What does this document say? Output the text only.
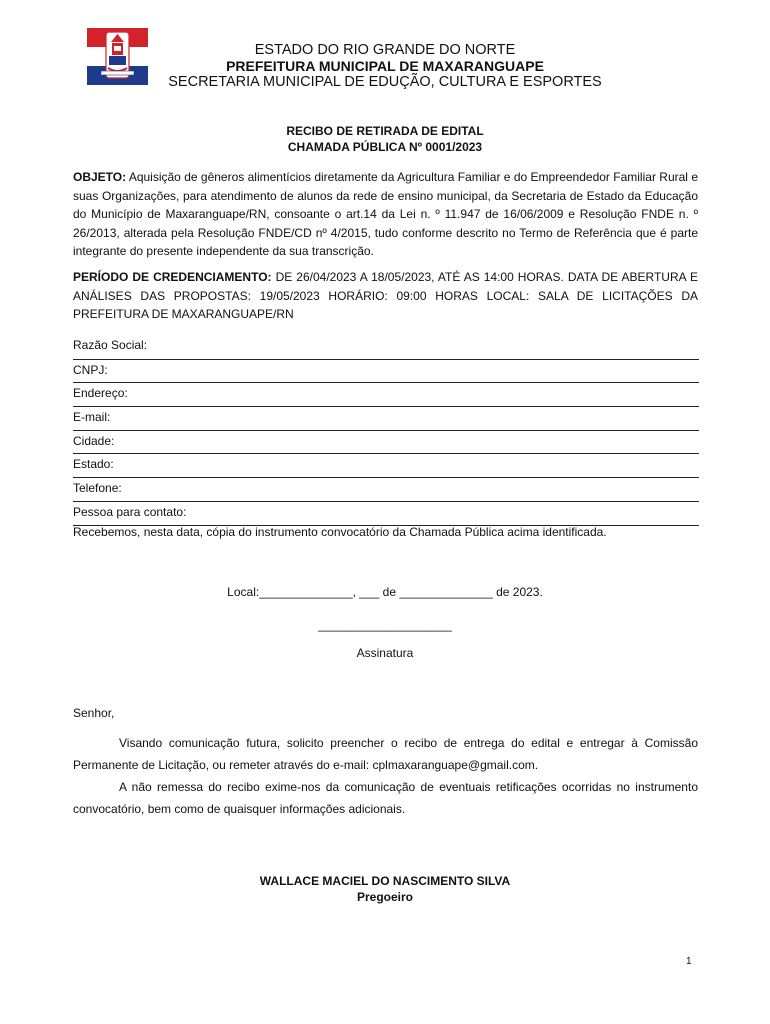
ESTADO DO RIO GRANDE DO NORTE
PREFEITURA MUNICIPAL DE MAXARANGUAPE
SECRETARIA MUNICIPAL DE EDUÇÃO, CULTURA E ESPORTES
RECIBO DE RETIRADA DE EDITAL
CHAMADA PÚBLICA Nº 0001/2023
OBJETO: Aquisição de gêneros alimentícios diretamente da Agricultura Familiar e do Empreendedor Familiar Rural e suas Organizações, para atendimento de alunos da rede de ensino municipal, da Secretaria de Estado da Educação do Município de Maxaranguape/RN, consoante o art.14 da Lei n. º 11.947 de 16/06/2009 e Resolução FNDE n. º 26/2013, alterada pela Resolução FNDE/CD nº 4/2015, tudo conforme descrito no Termo de Referência que é parte integrante do presente independente da sua transcrição.
PERÍODO DE CREDENCIAMENTO: DE 26/04/2023 A 18/05/2023, ATÉ AS 14:00 HORAS. DATA DE ABERTURA E ANÁLISES DAS PROPOSTAS: 19/05/2023 HORÁRIO: 09:00 HORAS LOCAL: SALA DE LICITAÇÕES DA PREFEITURA DE MAXARANGUAPE/RN
Razão Social:
CNPJ:
Endereço:
E-mail:
Cidade:
Estado:
Telefone:
Pessoa para contato:
Recebemos, nesta data, cópia do instrumento convocatório da Chamada Pública acima identificada.
Local:______________, ___ de ______________ de 2023.
____________________
Assinatura
Senhor,
Visando comunicação futura, solicito preencher o recibo de entrega do edital e entregar à Comissão Permanente de Licitação, ou remeter através do e-mail: cplmaxaranguape@gmail.com.
A não remessa do recibo exime-nos da comunicação de eventuais retificações ocorridas no instrumento convocatório, bem como de quaisquer informações adicionais.
WALLACE MACIEL DO NASCIMENTO SILVA
Pregoeiro
1
